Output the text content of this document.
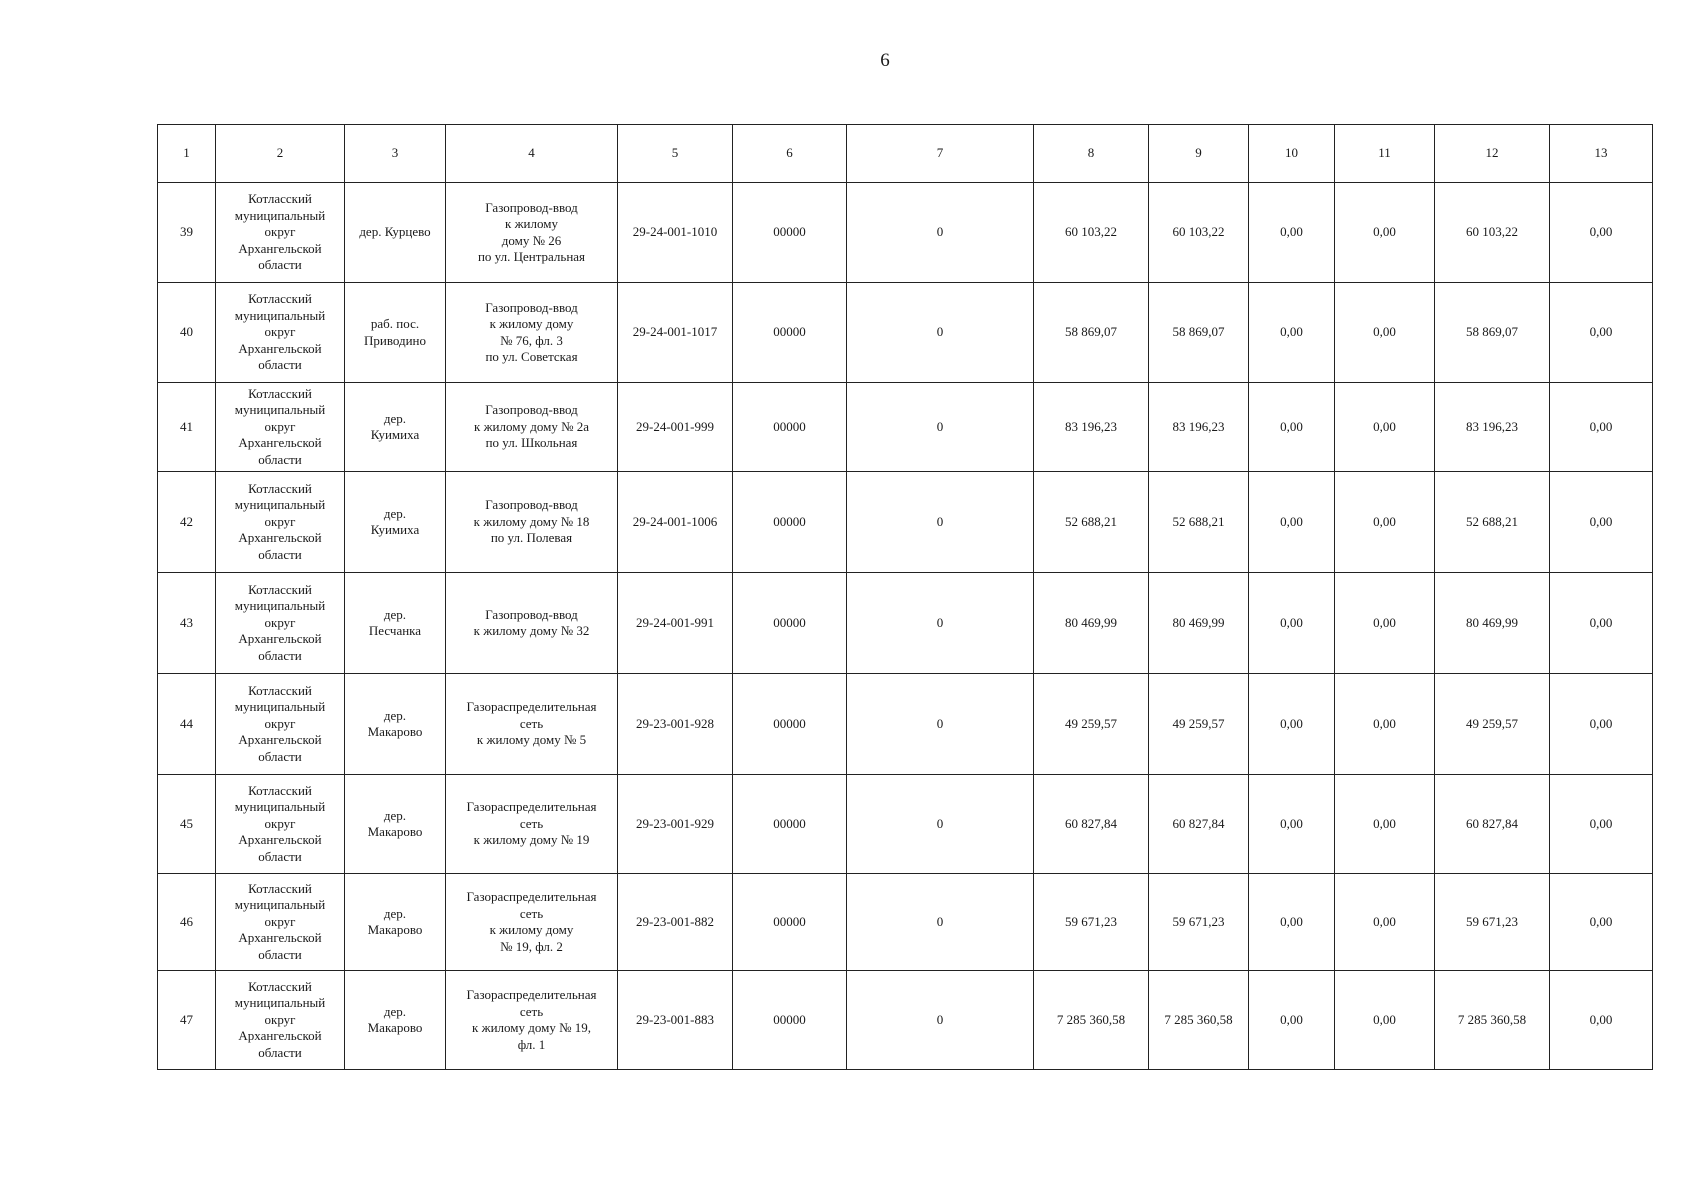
6
1	2	3	4	5	6	7	8	9	10	11	12	13
39	Котласский
муниципальный
округ
Архангельской
области	дер. Курцево	Газопровод-ввод
к жилому
дому № 26
по ул. Центральная	29-24-001-1010	00000	0	60 103,22	60 103,22	0,00	0,00	60 103,22	0,00
40	Котласский
муниципальный
округ
Архангельской
области	раб. пос.
Приводино	Газопровод-ввод
к жилому дому
№ 76, фл. 3
по ул. Советская	29-24-001-1017	00000	0	58 869,07	58 869,07	0,00	0,00	58 869,07	0,00
41	Котласский
муниципальный
округ
Архангельской
области	дер.
Куимиха	Газопровод-ввод
к жилому дому № 2а
по ул. Школьная	29-24-001-999	00000	0	83 196,23	83 196,23	0,00	0,00	83 196,23	0,00
42	Котласский
муниципальный
округ
Архангельской
области	дер.
Куимиха	Газопровод-ввод
к жилому дому № 18
по ул. Полевая	29-24-001-1006	00000	0	52 688,21	52 688,21	0,00	0,00	52 688,21	0,00
43	Котласский
муниципальный
округ
Архангельской
области	дер.
Песчанка	Газопровод-ввод
к жилому дому № 32	29-24-001-991	00000	0	80 469,99	80 469,99	0,00	0,00	80 469,99	0,00
44	Котласский
муниципальный
округ
Архангельской
области	дер.
Макарово	Газораспределительная
сеть
к жилому дому № 5	29-23-001-928	00000	0	49 259,57	49 259,57	0,00	0,00	49 259,57	0,00
45	Котласский
муниципальный
округ
Архангельской
области	дер.
Макарово	Газораспределительная
сеть
к жилому дому № 19	29-23-001-929	00000	0	60 827,84	60 827,84	0,00	0,00	60 827,84	0,00
46	Котласский
муниципальный
округ
Архангельской
области	дер.
Макарово	Газораспределительная
сеть
к жилому дому
№ 19, фл. 2	29-23-001-882	00000	0	59 671,23	59 671,23	0,00	0,00	59 671,23	0,00
47	Котласский
муниципальный
округ
Архангельской
области	дер.
Макарово	Газораспределительная
сеть
к жилому дому № 19,
фл. 1	29-23-001-883	00000	0	7 285 360,58	7 285 360,58	0,00	0,00	7 285 360,58	0,00
